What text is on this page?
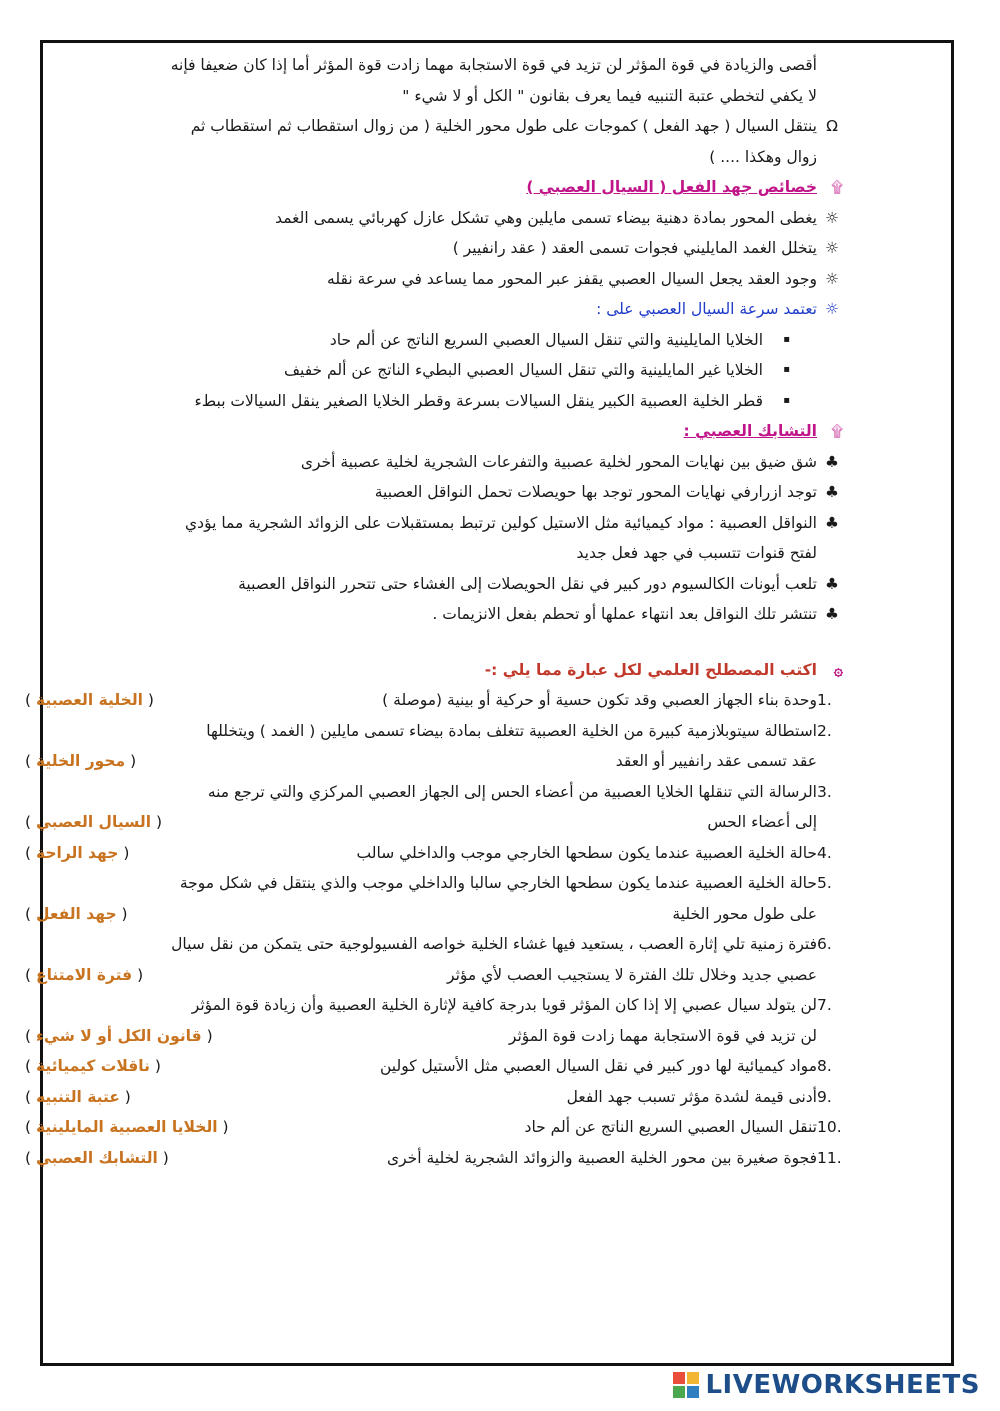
أقصى والزيادة في قوة المؤثر لن تزيد في قوة الاستجابة مهما زادت قوة المؤثر أما إذا كان ضعيفا فإنه
لا يكفي لتخطي عتبة التنبيه فيما يعرف بقانون " الكل أو لا شيء "
Ω
ينتقل السيال ( جهد الفعل ) كموجات على طول محور الخلية ( من زوال استقطاب ثم استقطاب ثم
زوال وهكذا .... )
۩
خصائص جهد الفعل ( السيال العصبي )
☼
يغطى المحور بمادة دهنية بيضاء تسمى مايلين وهي تشكل عازل كهربائي يسمى الغمد
☼
يتخلل الغمد المايليني فجوات تسمى العقد ( عقد رانفيير )
☼
وجود العقد يجعل السيال العصبي يقفز عبر المحور مما يساعد في سرعة نقله
☼
تعتمد سرعة السيال العصبي على :
▪
الخلايا المايلينية والتي تنقل السيال العصبي السريع الناتج عن ألم حاد
▪
الخلايا غير المايلينية والتي تنقل السيال العصبي البطيء الناتج عن ألم خفيف
▪
قطر الخلية العصبية الكبير ينقل السيالات بسرعة وقطر الخلايا الصغير ينقل السيالات ببطء
۩
التشابك العصبي :
♣
شق ضيق بين نهايات المحور لخلية عصبية والتفرعات الشجرية لخلية عصبية أخرى
♣
توجد ازرارفي نهايات المحور توجد بها حويصلات تحمل النواقل العصبية
♣
النواقل العصبية : مواد كيميائية مثل الاستيل كولين ترتبط بمستقبلات على الزوائد الشجرية مما يؤدي
لفتح قنوات تتسبب في جهد فعل جديد
♣
تلعب أيونات الكالسيوم دور كبير في نقل الحويصلات إلى الغشاء حتى تتحرر النواقل العصبية
♣
تنتشر تلك النواقل بعد انتهاء عملها أو تحطم بفعل الانزيمات .
۞
اكتب المصطلح العلمي لكل عبارة مما يلي :-
1.
وحدة بناء الجهاز العصبي وقد تكون حسية أو حركية أو بينية (موصلة )
( الخلية العصبية )
2.
استطالة سيتوبلازمية كبيرة من الخلية العصبية تتغلف بمادة بيضاء تسمى مايلين ( الغمد ) ويتخللها
عقد تسمى عقد رانفيير أو العقد
( محور الخلية )
3.
الرسالة التي تنقلها الخلايا العصبية من أعضاء الحس إلى الجهاز العصبي المركزي والتي ترجع منه
إلى أعضاء الحس
( السيال العصبي )
4.
حالة الخلية العصبية عندما يكون سطحها الخارجي موجب والداخلي سالب
( جهد الراحة )
5.
حالة الخلية العصبية عندما يكون سطحها الخارجي سالبا والداخلي موجب والذي ينتقل في شكل موجة
على طول محور الخلية
( جهد الفعل )
6.
فترة زمنية تلي إثارة العصب ، يستعيد فيها غشاء الخلية خواصه الفسيولوجية حتى يتمكن من نقل سيال
عصبي جديد وخلال تلك الفترة لا يستجيب العصب لأي مؤثر
( فترة الامتناع )
7.
لن يتولد سيال عصبي إلا إذا كان المؤثر قويا بدرجة كافية لإثارة الخلية العصبية وأن زيادة قوة المؤثر
لن تزيد في قوة الاستجابة مهما زادت قوة المؤثر
( قانون الكل أو لا شيء )
8.
مواد كيميائية لها دور كبير في نقل السيال العصبي مثل الأستيل كولين
( ناقلات كيميائية )
9.
أدنى قيمة لشدة مؤثر تسبب جهد الفعل
( عتبة التنبيه )
10.
تنقل السيال العصبي السريع الناتج عن ألم حاد
( الخلايا العصبية المايلينية )
11.
فجوة صغيرة بين محور الخلية العصبية والزوائد الشجرية لخلية أخرى
( التشابك العصبي )
LIVEWORKSHEETS
